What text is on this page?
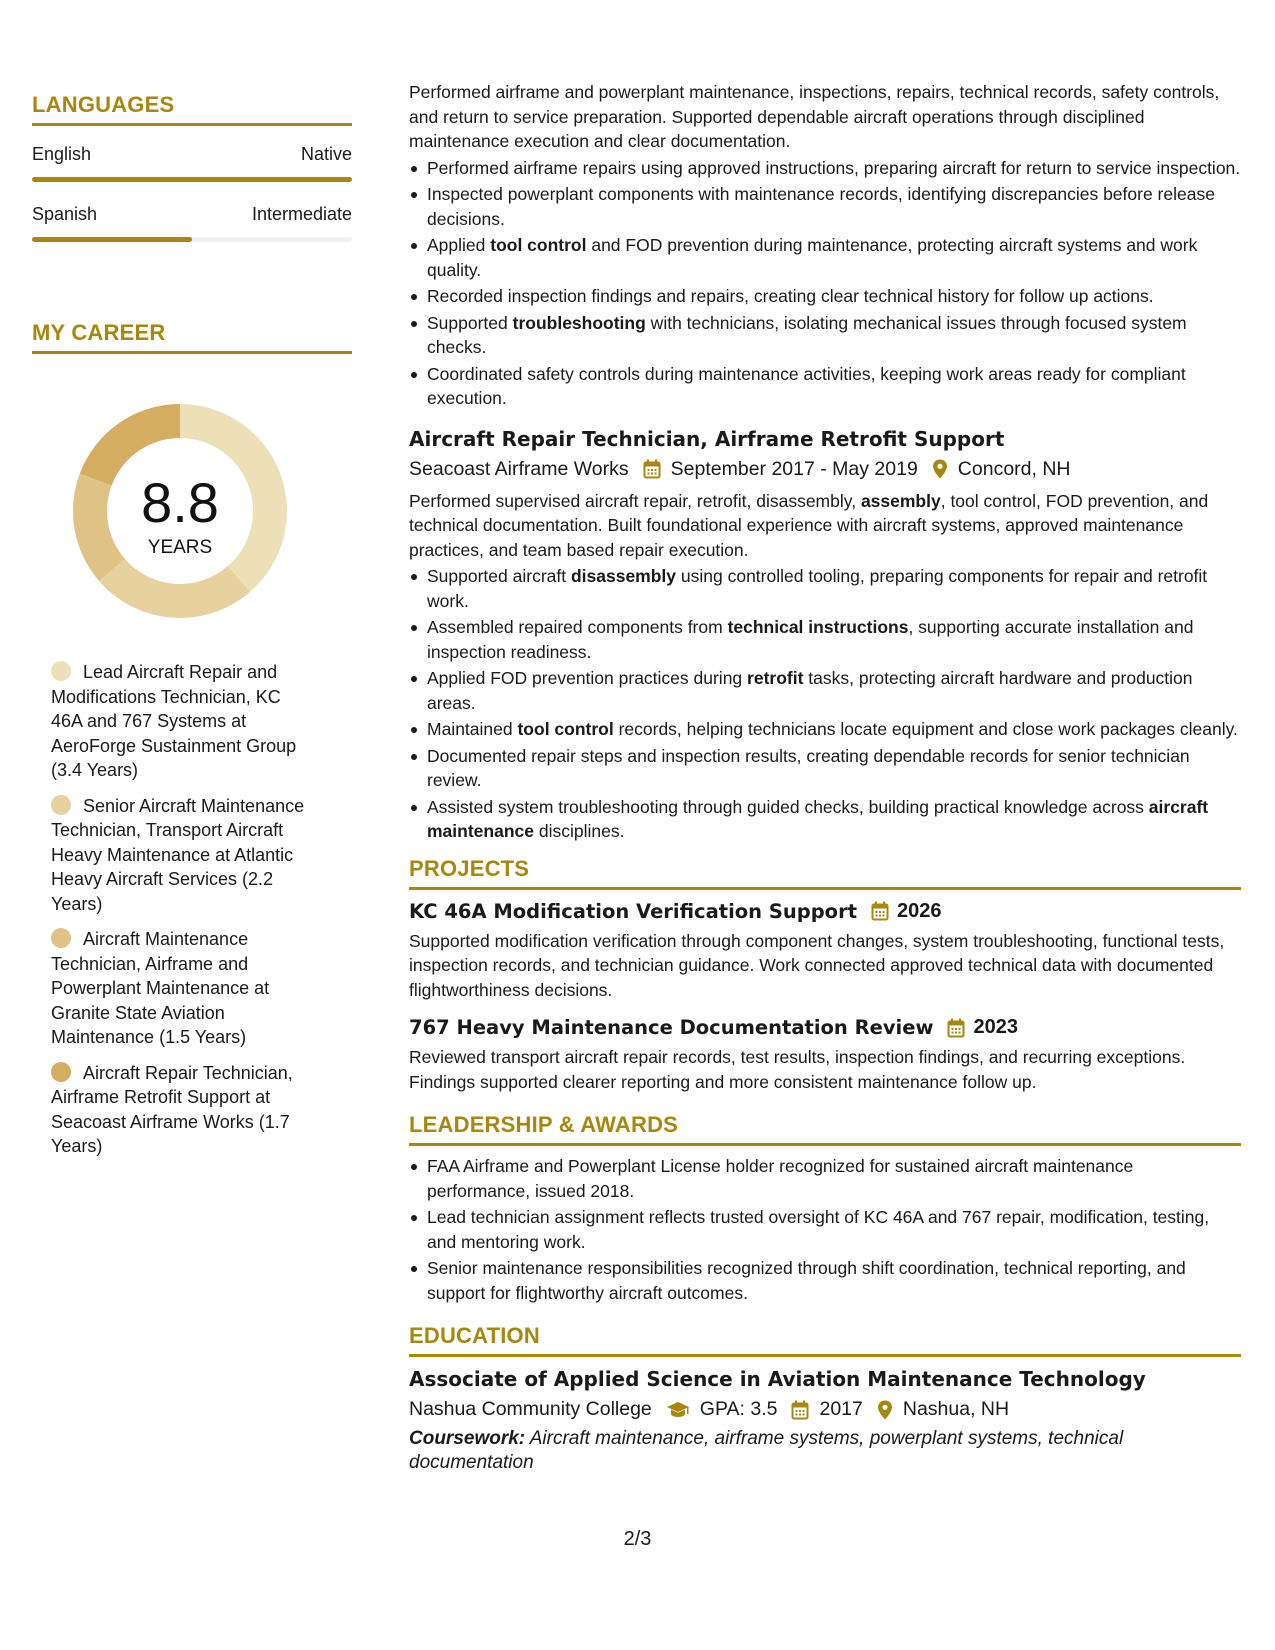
LANGUAGES
English	Native
Spanish	Intermediate
MY CAREER
8.8
YEARS
Lead Aircraft Repair and Modifications Technician, KC 46A and 767 Systems at AeroForge Sustainment Group (3.4 Years)
Senior Aircraft Maintenance Technician, Transport Aircraft Heavy Maintenance at Atlantic Heavy Aircraft Services (2.2 Years)
Aircraft Maintenance Technician, Airframe and Powerplant Maintenance at Granite State Aviation Maintenance (1.5 Years)
Aircraft Repair Technician, Airframe Retrofit Support at Seacoast Airframe Works (1.7 Years)
Performed airframe and powerplant maintenance, inspections, repairs, technical records, safety controls, and return to service preparation. Supported dependable aircraft operations through disciplined maintenance execution and clear documentation.
Performed airframe repairs using approved instructions, preparing aircraft for return to service inspection.
Inspected powerplant components with maintenance records, identifying discrepancies before release decisions.
Applied tool control and FOD prevention during maintenance, protecting aircraft systems and work quality.
Recorded inspection findings and repairs, creating clear technical history for follow up actions.
Supported troubleshooting with technicians, isolating mechanical issues through focused system checks.
Coordinated safety controls during maintenance activities, keeping work areas ready for compliant execution.
Aircraft Repair Technician, Airframe Retrofit Support
Seacoast Airframe Works September 2017 - May 2019 Concord, NH
Performed supervised aircraft repair, retrofit, disassembly, assembly, tool control, FOD prevention, and technical documentation. Built foundational experience with aircraft systems, approved maintenance practices, and team based repair execution.
Supported aircraft disassembly using controlled tooling, preparing components for repair and retrofit work.
Assembled repaired components from technical instructions, supporting accurate installation and inspection readiness.
Applied FOD prevention practices during retrofit tasks, protecting aircraft hardware and production areas.
Maintained tool control records, helping technicians locate equipment and close work packages cleanly.
Documented repair steps and inspection results, creating dependable records for senior technician review.
Assisted system troubleshooting through guided checks, building practical knowledge across aircraft maintenance disciplines.
PROJECTS
KC 46A Modification Verification Support 2026
Supported modification verification through component changes, system troubleshooting, functional tests, inspection records, and technician guidance. Work connected approved technical data with documented flightworthiness decisions.
767 Heavy Maintenance Documentation Review 2023
Reviewed transport aircraft repair records, test results, inspection findings, and recurring exceptions. Findings supported clearer reporting and more consistent maintenance follow up.
LEADERSHIP & AWARDS
FAA Airframe and Powerplant License holder recognized for sustained aircraft maintenance performance, issued 2018.
Lead technician assignment reflects trusted oversight of KC 46A and 767 repair, modification, testing, and mentoring work.
Senior maintenance responsibilities recognized through shift coordination, technical reporting, and support for flightworthy aircraft outcomes.
EDUCATION
Associate of Applied Science in Aviation Maintenance Technology
Nashua Community College GPA: 3.5 2017 Nashua, NH
Coursework: Aircraft maintenance, airframe systems, powerplant systems, technical documentation
2/3
